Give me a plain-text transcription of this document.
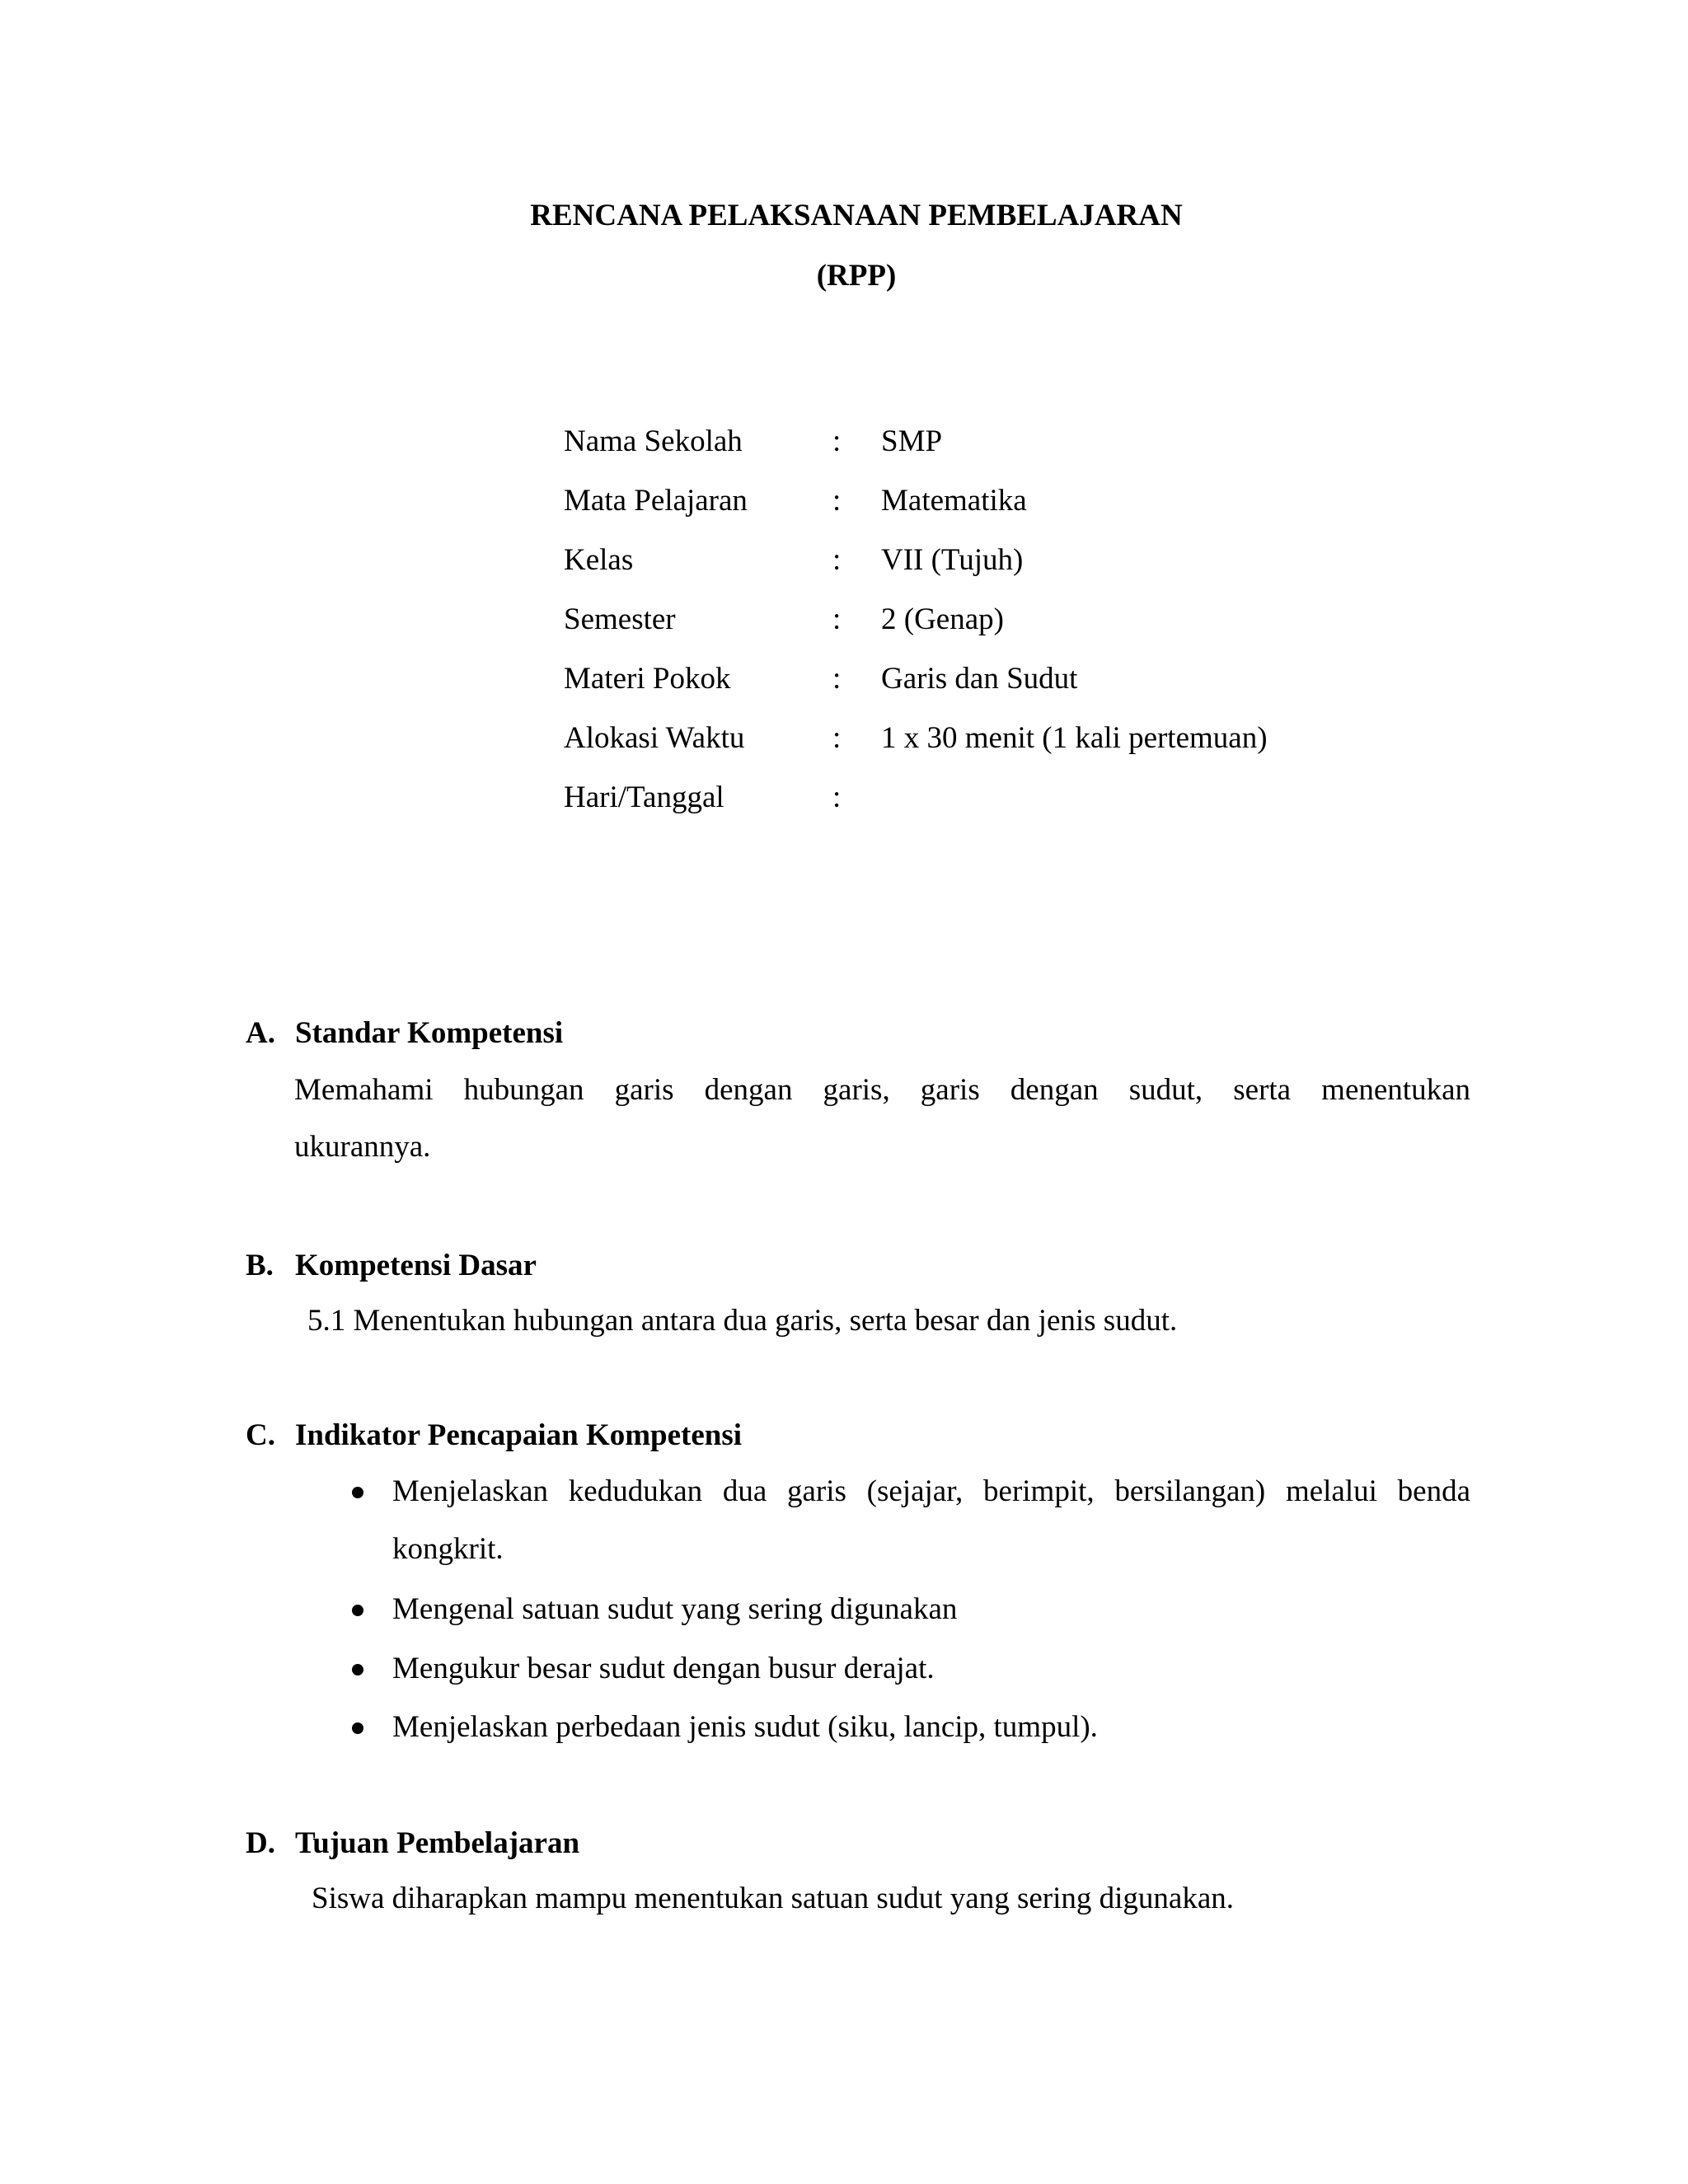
RENCANA PELAKSANAAN PEMBELAJARAN
(RPP)
Nama Sekolah	: SMP
Mata Pelajaran	: Matematika
Kelas	: VII (Tujuh)
Semester	: 2 (Genap)
Materi Pokok	: Garis dan Sudut
Alokasi Waktu	: 1 x 30 menit (1 kali pertemuan)
Hari/Tanggal	:
A. Standar Kompetensi
Memahami hubungan garis dengan garis, garis dengan sudut, serta menentukan
ukurannya.
B. Kompetensi Dasar
5.1 Menentukan hubungan antara dua garis, serta besar dan jenis sudut.
C. Indikator Pencapaian Kompetensi
Menjelaskan kedudukan dua garis (sejajar, berimpit, bersilangan) melalui benda
kongkrit.
Mengenal satuan sudut yang sering digunakan
Mengukur besar sudut dengan busur derajat.
Menjelaskan perbedaan jenis sudut (siku, lancip, tumpul).
D. Tujuan Pembelajaran
Siswa diharapkan mampu menentukan satuan sudut yang sering digunakan.
